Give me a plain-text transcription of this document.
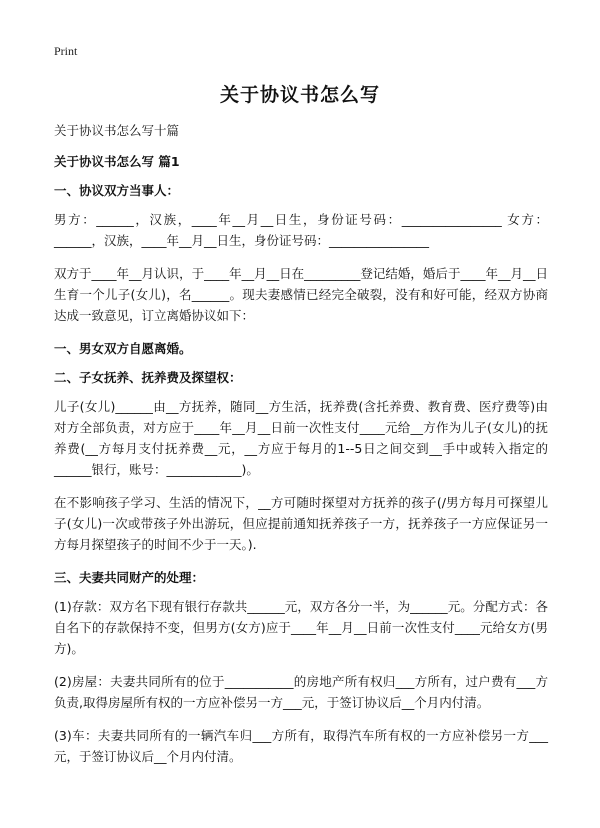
Print
关于协议书怎么写

关于协议书怎么写十篇

关于协议书怎么写 篇1

一、协议双方当事人：

男方：______，汉族，____年__月__日生，身份证号码：________________ 女方：______，汉族，____年__月__日生，身份证号码：________________

双方于____年__月认识，于____年__月__日在_________登记结婚，婚后于____年__月__日生育一个儿子(女儿)，名______。现夫妻感情已经完全破裂，没有和好可能，经双方协商达成一致意见，订立离婚协议如下：

一、男女双方自愿离婚。

二、子女抚养、抚养费及探望权：

儿子(女儿)______由__方抚养，随同__方生活，抚养费(含托养费、教育费、医疗费等)由对方全部负责，对方应于____年__月__日前一次性支付____元给__方作为儿子(女儿)的抚养费(__方每月支付抚养费__元，__方应于每月的1--5日之间交到__手中或转入指定的______银行，账号：____________)。

在不影响孩子学习、生活的情况下，__方可随时探望对方抚养的孩子(/男方每月可探望儿子(女儿)一次或带孩子外出游玩，但应提前通知抚养孩子一方，抚养孩子一方应保证另一方每月探望孩子的时间不少于一天。).

三、夫妻共同财产的处理：

(1)存款：双方名下现有银行存款共______元，双方各分一半，为______元。分配方式：各自名下的存款保持不变，但男方(女方)应于____年__月__日前一次性支付____元给女方(男方)。

(2)房屋：夫妻共同所有的位于___________的房地产所有权归___方所有，过户费有___方负责,取得房屋所有权的一方应补偿另一方___元，于签订协议后__个月内付清。

(3)车：夫妻共同所有的一辆汽车归___方所有，取得汽车所有权的一方应补偿另一方___元，于签订协议后__个月内付清。
